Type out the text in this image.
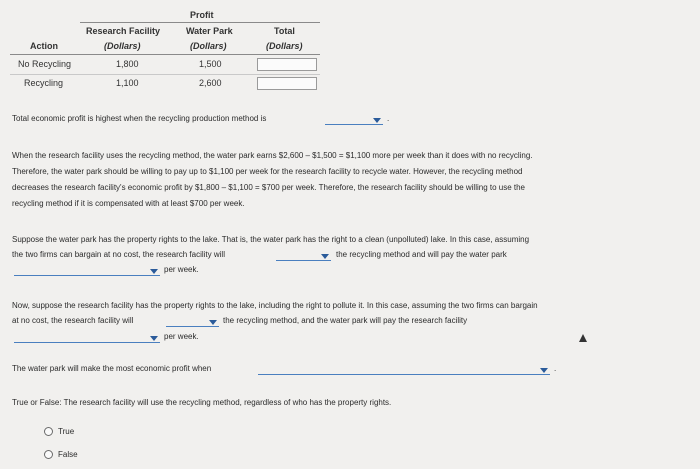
Profit
Research Facility	Water Park	Total
Action	(Dollars)	(Dollars)	(Dollars)
No Recycling	1,800	1,500
Recycling	1,100	2,600
Total economic profit is highest when the recycling production method is	.
When the research facility uses the recycling method, the water park earns $2,600 – $1,500 = $1,100 more per week than it does with no recycling.
Therefore, the water park should be willing to pay up to $1,100 per week for the research facility to recycle water. However, the recycling method
decreases the research facility's economic profit by $1,800 – $1,100 = $700 per week. Therefore, the research facility should be willing to use the
recycling method if it is compensated with at least $700 per week.
Suppose the water park has the property rights to the lake. That is, the water park has the right to a clean (unpolluted) lake. In this case, assuming
the two firms can bargain at no cost, the research facility will	the recycling method and will pay the water park
per week.
Now, suppose the research facility has the property rights to the lake, including the right to pollute it. In this case, assuming the two firms can bargain
at no cost, the research facility will	the recycling method, and the water park will pay the research facility
per week.
The water park will make the most economic profit when	.
True or False: The research facility will use the recycling method, regardless of who has the property rights.
True
False
